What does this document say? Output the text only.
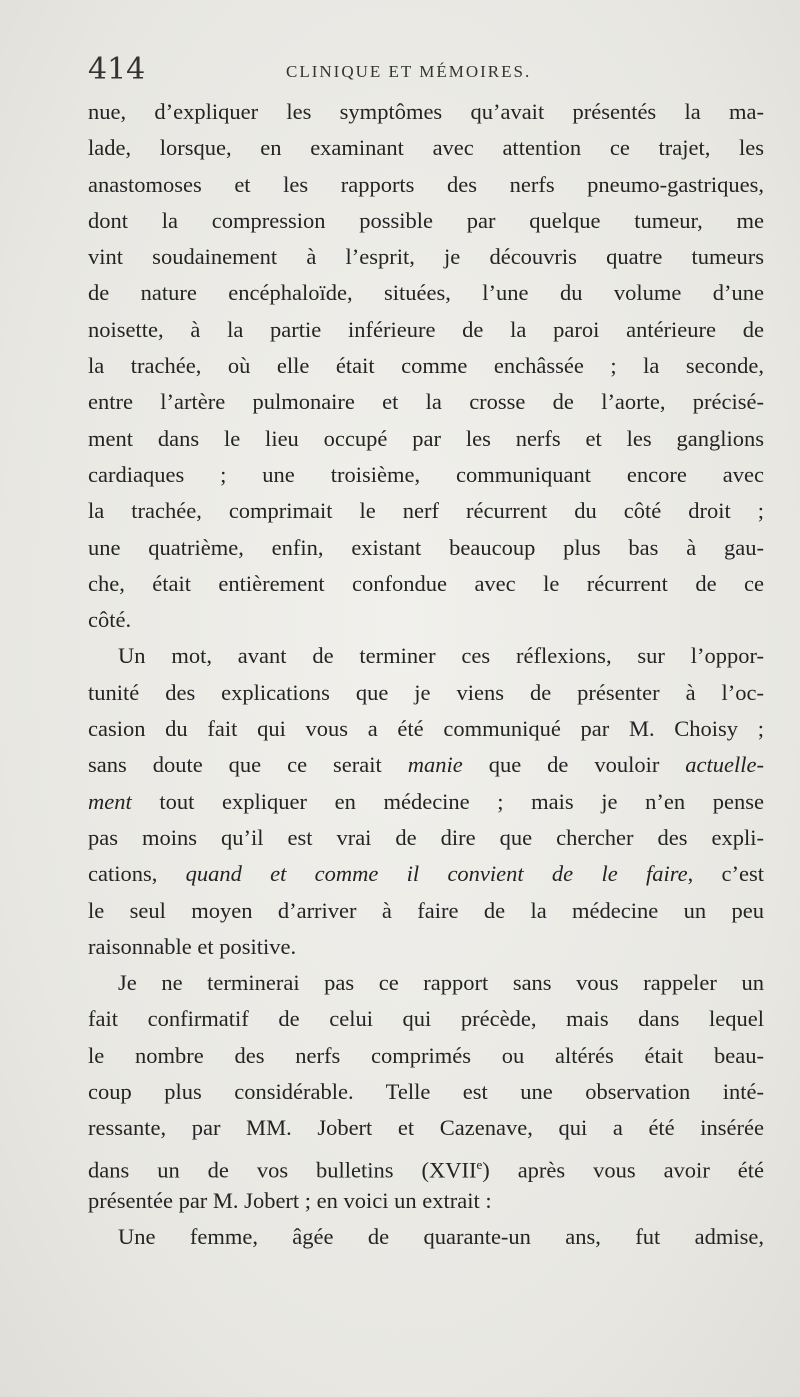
414	CLINIQUE ET MÉMOIRES.
nue, d’expliquer les symptômes qu’avait présentés la ma-
lade, lorsque, en examinant avec attention ce trajet, les
anastomoses et les rapports des nerfs pneumo-gastriques,
dont la compression possible par quelque tumeur, me
vint soudainement à l’esprit, je découvris quatre tumeurs
de nature encéphaloïde, situées, l’une du volume d’une
noisette, à la partie inférieure de la paroi antérieure de
la trachée, où elle était comme enchâssée ; la seconde,
entre l’artère pulmonaire et la crosse de l’aorte, précisé-
ment dans le lieu occupé par les nerfs et les ganglions
cardiaques ; une troisième, communiquant encore avec
la trachée, comprimait le nerf récurrent du côté droit ;
une quatrième, enfin, existant beaucoup plus bas à gau-
che, était entièrement confondue avec le récurrent de ce
côté.
Un mot, avant de terminer ces réflexions, sur l’oppor-
tunité des explications que je viens de présenter à l’oc-
casion du fait qui vous a été communiqué par M. Choisy ;
sans doute que ce serait manie que de vouloir actuelle-
ment tout expliquer en médecine ; mais je n’en pense
pas moins qu’il est vrai de dire que chercher des expli-
cations, quand et comme il convient de le faire, c’est
le seul moyen d’arriver à faire de la médecine un peu
raisonnable et positive.
Je ne terminerai pas ce rapport sans vous rappeler un
fait confirmatif de celui qui précède, mais dans lequel
le nombre des nerfs comprimés ou altérés était beau-
coup plus considérable. Telle est une observation inté-
ressante, par MM. Jobert et Cazenave, qui a été insérée
dans un de vos bulletins (XVIIe) après vous avoir été
présentée par M. Jobert ; en voici un extrait :
Une femme, âgée de quarante-un ans, fut admise,
